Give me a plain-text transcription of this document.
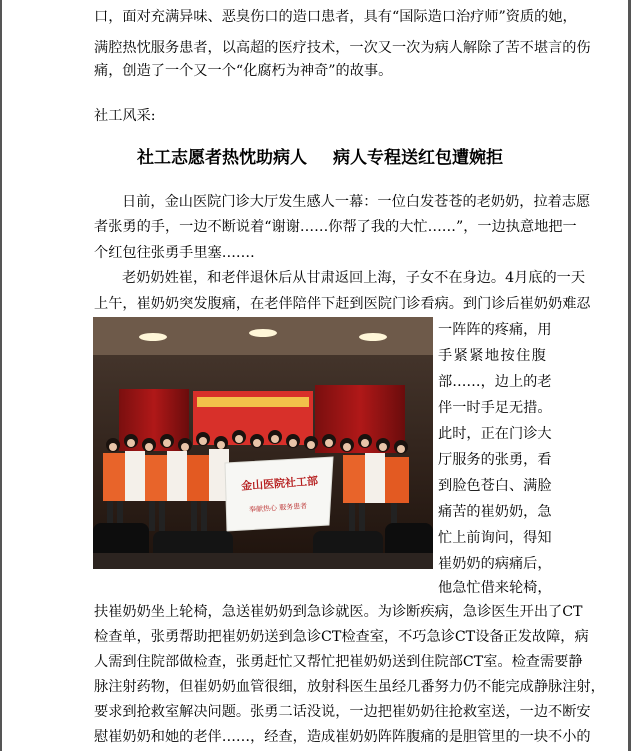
口，面对充满异味、恶臭伤口的造口患者，具有“国际造口治疗师”资质的她，
满腔热忱服务患者，以高超的医疗技术，一次又一次为病人解除了苦不堪言的伤
痛，创造了一个又一个“化腐朽为神奇”的故事。
社工风采:
社工志愿者热忱助病人 病人专程送红包遭婉拒
日前，金山医院门诊大厅发生感人一幕：一位白发苍苍的老奶奶，拉着志愿
者张勇的手，一边不断说着“谢谢……你帮了我的大忙……”，一边执意地把一
个红包往张勇手里塞…….
老奶奶姓崔，和老伴退休后从甘肃返回上海，子女不在身边。4月底的一天
上午，崔奶奶突发腹痛，在老伴陪伴下赶到医院门诊看病。到门诊后崔奶奶难忍
一阵阵的疼痛，用
手紧紧地按住腹
部……，边上的老
伴一时手足无措。
此时，正在门诊大
厅服务的张勇，看
到脸色苍白、满脸
痛苦的崔奶奶，急
忙上前询问，得知
崔奶奶的病痛后，
他急忙借来轮椅，
扶崔奶奶坐上轮椅，急送崔奶奶到急诊就医。为诊断疾病，急诊医生开出了CT
检查单，张勇帮助把崔奶奶送到急诊CT检查室，不巧急诊CT设备正发故障，病
人需到住院部做检查，张勇赶忙又帮忙把崔奶奶送到住院部CT室。检查需要静
脉注射药物，但崔奶奶血管很细，放射科医生虽经几番努力仍不能完成静脉注射，
要求到抢救室解决问题。张勇二话没说，一边把崔奶奶往抢救室送，一边不断安
慰崔奶奶和她的老伴……，经查，造成崔奶奶阵阵腹痛的是胆管里的一块不小的
金山医院社工部
奉献热心 服务患者
